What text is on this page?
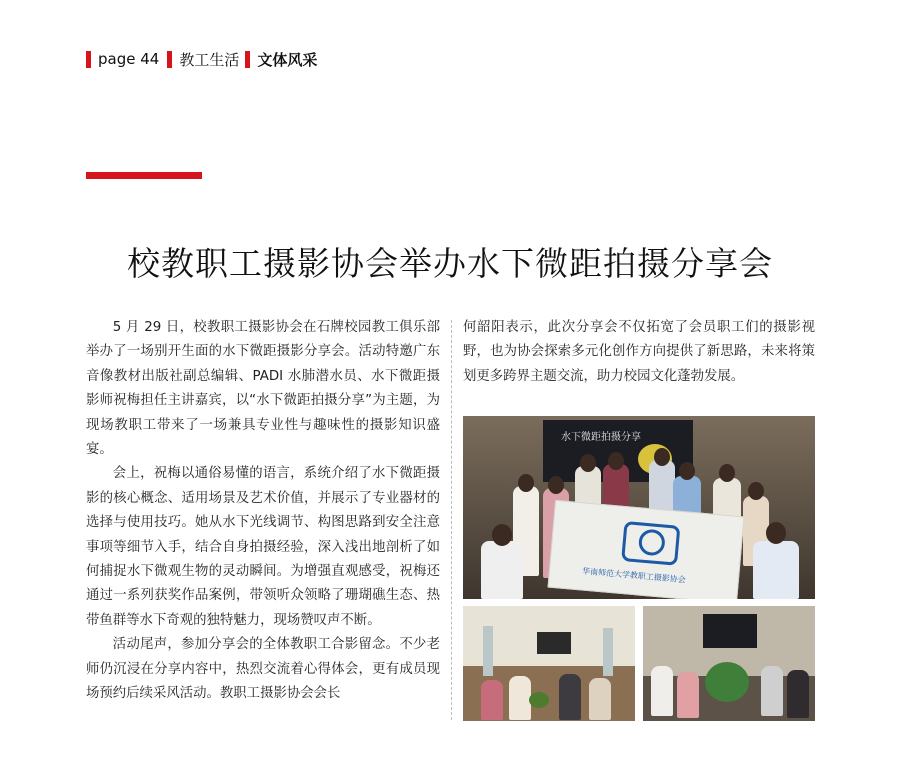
page 44 教工生活 文体风采
校教职工摄影协会举办水下微距拍摄分享会

5 月 29 日，校教职工摄影协会在石牌校园教工俱乐部举办了一场别开生面的水下微距摄影分享会。活动特邀广东音像教材出版社副总编辑、PADI 水肺潜水员、水下微距摄影师祝梅担任主讲嘉宾，以“水下微距拍摄分享”为主题，为现场教职工带来了一场兼具专业性与趣味性的摄影知识盛宴。

会上，祝梅以通俗易懂的语言，系统介绍了水下微距摄影的核心概念、适用场景及艺术价值，并展示了专业器材的选择与使用技巧。她从水下光线调节、构图思路到安全注意事项等细节入手，结合自身拍摄经验，深入浅出地剖析了如何捕捉水下微观生物的灵动瞬间。为增强直观感受，祝梅还通过一系列获奖作品案例，带领听众领略了珊瑚礁生态、热带鱼群等水下奇观的独特魅力，现场赞叹声不断。

活动尾声，参加分享会的全体教职工合影留念。不少老师仍沉浸在分享内容中，热烈交流着心得体会，更有成员现场预约后续采风活动。教职工摄影协会会长

何韶阳表示，此次分享会不仅拓宽了会员职工们的摄影视野，也为协会探索多元化创作方向提供了新思路，未来将策划更多跨界主题交流，助力校园文化蓬勃发展。

水下微距拍摄分享
华南师范大学教职工摄影协会
